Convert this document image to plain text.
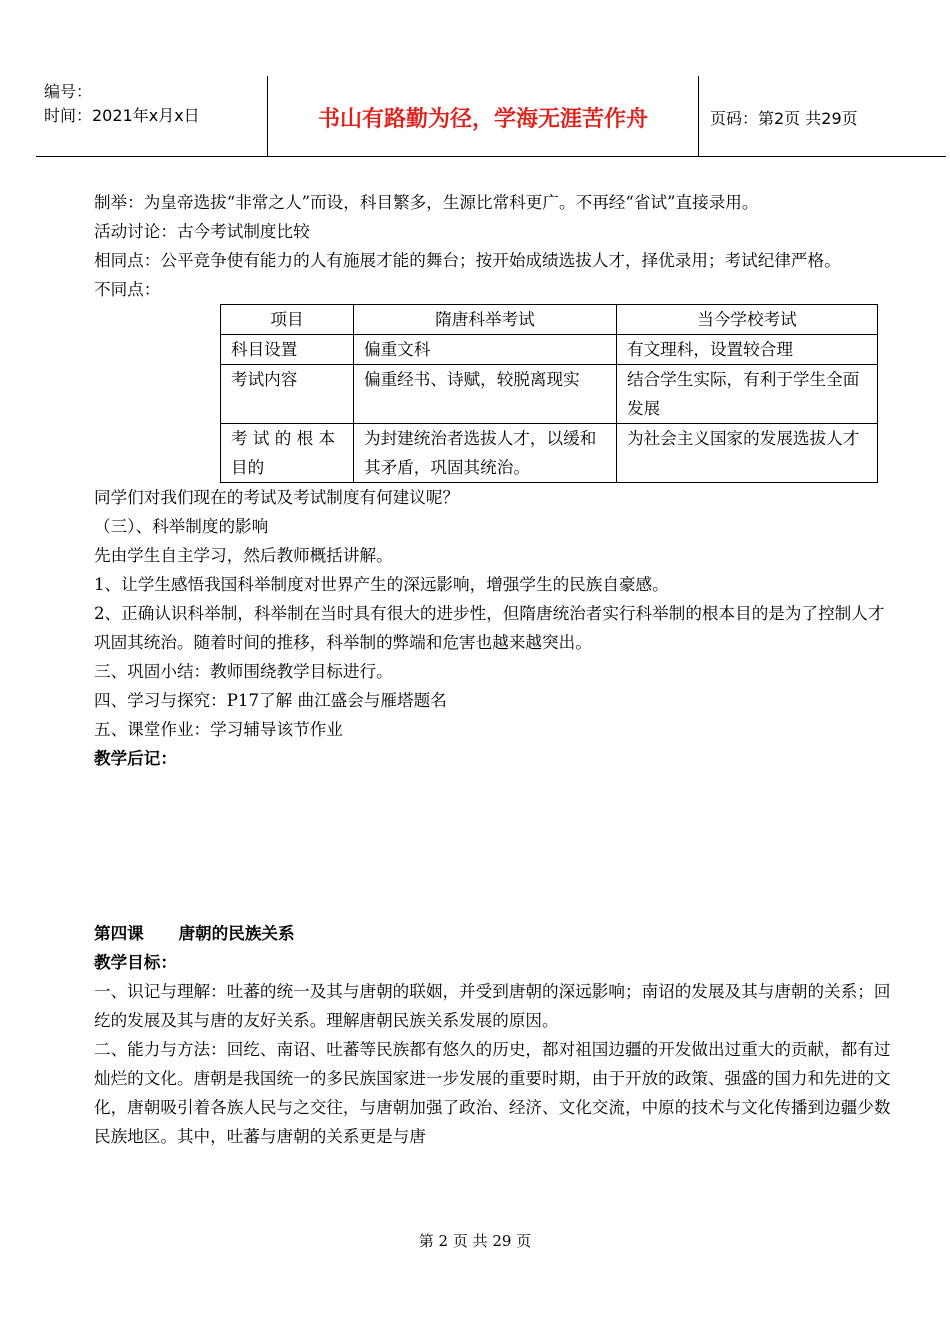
编号：
时间：2021年x月x日	书山有路勤为径，学海无涯苦作舟	页码：第2页 共29页

制举：为皇帝选拔“非常之人”而设，科目繁多，生源比常科更广。不再经“省试”直接录用。

活动讨论：古今考试制度比较

相同点：公平竞争使有能力的人有施展才能的舞台；按开始成绩选拔人才，择优录用；考试纪律严格。

不同点：

项目	隋唐科举考试	当今学校考试
科目设置	偏重文科	有文理科，设置较合理
考试内容	偏重经书、诗赋，较脱离现实	结合学生实际，有利于学生全面发展
考 试 的 根 本 目的	为封建统治者选拔人才，以缓和其矛盾，巩固其统治。	为社会主义国家的发展选拔人才

同学们对我们现在的考试及考试制度有何建议呢？

（三）、科举制度的影响

先由学生自主学习，然后教师概括讲解。

1、让学生感悟我国科举制度对世界产生的深远影响，增强学生的民族自豪感。

2、正确认识科举制，科举制在当时具有很大的进步性，但隋唐统治者实行科举制的根本目的是为了控制人才巩固其统治。随着时间的推移，科举制的弊端和危害也越来越突出。

三、巩固小结：教师围绕教学目标进行。

四、学习与探究：P17了解 曲江盛会与雁塔题名

五、课堂作业：学习辅导该节作业

教学后记：

第四课      唐朝的民族关系

教学目标：

一、识记与理解：吐蕃的统一及其与唐朝的联姻，并受到唐朝的深远影响；南诏的发展及其与唐朝的关系；回纥的发展及其与唐的友好关系。理解唐朝民族关系发展的原因。

二、能力与方法：回纥、南诏、吐蕃等民族都有悠久的历史，都对祖国边疆的开发做出过重大的贡献，都有过灿烂的文化。唐朝是我国统一的多民族国家进一步发展的重要时期，由于开放的政策、强盛的国力和先进的文化，唐朝吸引着各族人民与之交往，与唐朝加强了政治、经济、文化交流，中原的技术与文化传播到边疆少数民族地区。其中，吐蕃与唐朝的关系更是与唐

第 2 页 共 29 页
